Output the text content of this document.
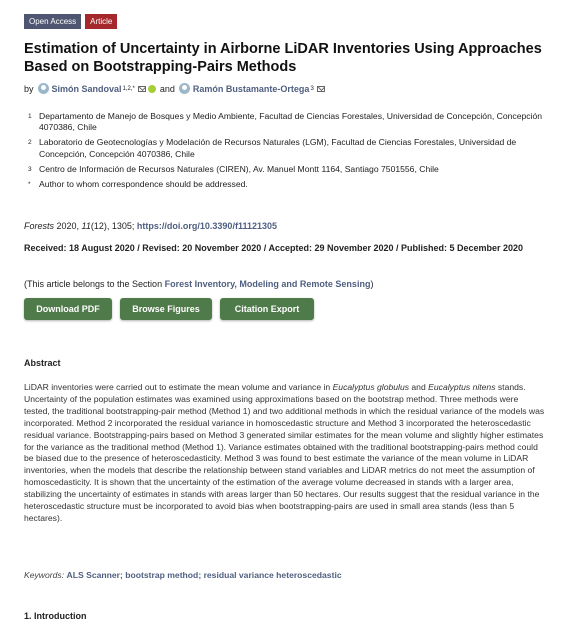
Open Access	Article
Estimation of Uncertainty in Airborne LiDAR Inventories Using Approaches Based on Bootstrapping-Pairs Methods
by Simón Sandoval 1,2,*	and Ramón Bustamante-Ortega 3
1 Departamento de Manejo de Bosques y Medio Ambiente, Facultad de Ciencias Forestales, Universidad de Concepción, Concepción 4070386, Chile
2 Laboratorio de Geotecnologías y Modelación de Recursos Naturales (LGM), Facultad de Ciencias Forestales, Universidad de Concepción, Concepción 4070386, Chile
3 Centro de Información de Recursos Naturales (CIREN), Av. Manuel Montt 1164, Santiago 7501556, Chile
* Author to whom correspondence should be addressed.
Forests 2020, 11(12), 1305; https://doi.org/10.3390/f11121305
Received: 18 August 2020 / Revised: 20 November 2020 / Accepted: 29 November 2020 / Published: 5 December 2020
(This article belongs to the Section Forest Inventory, Modeling and Remote Sensing)
Download PDF	Browse Figures	Citation Export
Abstract

LiDAR inventories were carried out to estimate the mean volume and variance in Eucalyptus globulus and Eucalyptus nitens stands. Uncertainty of the population estimates was examined using approximations based on the bootstrap method. Three methods were tested, the traditional bootstrapping-pair method (Method 1) and two additional methods in which the residual variance of the models was incorporated. Method 2 incorporated the residual variance in homoscedastic structure and Method 3 incorporated the heteroscedastic residual variance. Bootstrapping-pairs based on Method 3 generated similar estimates for the mean volume and slightly higher estimates for the variance as the traditional method (Method 1). Variance estimates obtained with the traditional bootstrapping-pairs method could be biased due to the presence of heteroscedasticity. Method 3 was found to best estimate the variance of the mean volume in LiDAR inventories, when the models that describe the relationship between stand variables and LiDAR metrics do not meet the assumption of homoscedasticity. It is shown that the uncertainty of the estimation of the average volume decreased in stands with a larger area, stabilizing the uncertainty of estimates in stands with areas larger than 50 hectares. Our results suggest that the residual variance in the heteroscedastic structure must be incorporated to avoid bias when bootstrapping-pairs are used in small area stands (less than 5 hectares).

Keywords: ALS Scanner; bootstrap method; residual variance heteroscedastic
1. Introduction
